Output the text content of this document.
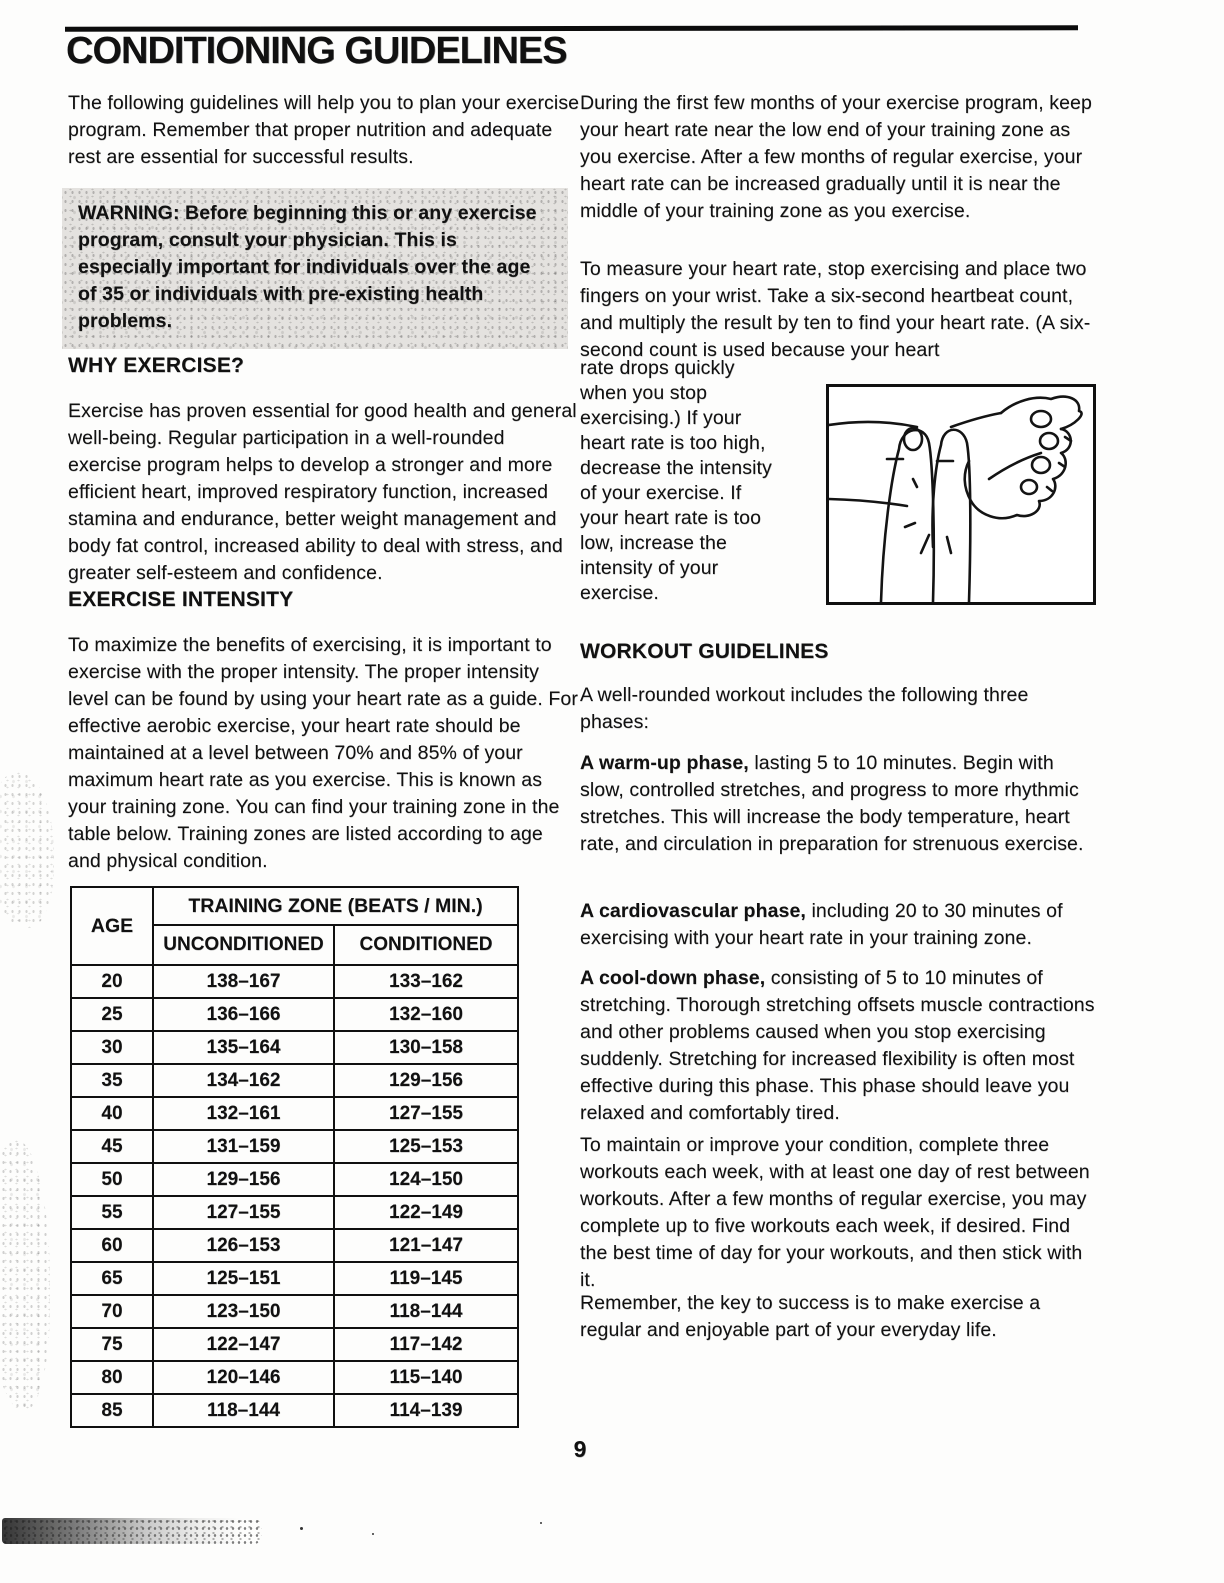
CONDITIONING GUIDELINES

The following guidelines will help you to plan your exercise program. Remember that proper nutrition and adequate rest are essential for successful results.

WARNING: Before beginning this or any exercise program, consult your physician. This is especially important for individuals over the age of 35 or individuals with pre-existing health problems.

WHY EXERCISE?

Exercise has proven essential for good health and general well-being. Regular participation in a well-rounded exercise program helps to develop a stronger and more efficient heart, improved respiratory function, increased stamina and endurance, better weight management and body fat control, increased ability to deal with stress, and greater self-esteem and confidence.

EXERCISE INTENSITY

To maximize the benefits of exercising, it is important to exercise with the proper intensity. The proper intensity level can be found by using your heart rate as a guide. For effective aerobic exercise, your heart rate should be maintained at a level between 70% and 85% of your maximum heart rate as you exercise. This is known as your training zone. You can find your training zone in the table below. Training zones are listed according to age and physical condition.

AGE	TRAINING ZONE (BEATS / MIN.)	
	UNCONDITIONED	CONDITIONED
20	138–167	133–162
25	136–166	132–160
30	135–164	130–158
35	134–162	129–156
40	132–161	127–155
45	131–159	125–153
50	129–156	124–150
55	127–155	122–149
60	126–153	121–147
65	125–151	119–145
70	123–150	118–144
75	122–147	117–142
80	120–146	115–140
85	118–144	114–139

During the first few months of your exercise program, keep your heart rate near the low end of your training zone as you exercise. After a few months of regular exercise, your heart rate can be increased gradually until it is near the middle of your training zone as you exercise.

To measure your heart rate, stop exercising and place two fingers on your wrist. Take a six-second heartbeat count, and multiply the result by ten to find your heart rate. (A six-second count is used because your heart

rate drops quickly when you stop exercising.) If your heart rate is too high, decrease the intensity of your exercise. If your heart rate is too low, increase the intensity of your exercise.

WORKOUT GUIDELINES

A well-rounded workout includes the following three phases:

A warm-up phase, lasting 5 to 10 minutes. Begin with slow, controlled stretches, and progress to more rhythmic stretches. This will increase the body temperature, heart rate, and circulation in preparation for strenuous exercise.

A cardiovascular phase, including 20 to 30 minutes of exercising with your heart rate in your training zone.

A cool-down phase, consisting of 5 to 10 minutes of stretching. Thorough stretching offsets muscle contractions and other problems caused when you stop exercising suddenly. Stretching for increased flexibility is often most effective during this phase. This phase should leave you relaxed and comfortably tired.

To maintain or improve your condition, complete three workouts each week, with at least one day of rest between workouts. After a few months of regular exercise, you may complete up to five workouts each week, if desired. Find the best time of day for your workouts, and then stick with it.

Remember, the key to success is to make exercise a regular and enjoyable part of your everyday life.

9
